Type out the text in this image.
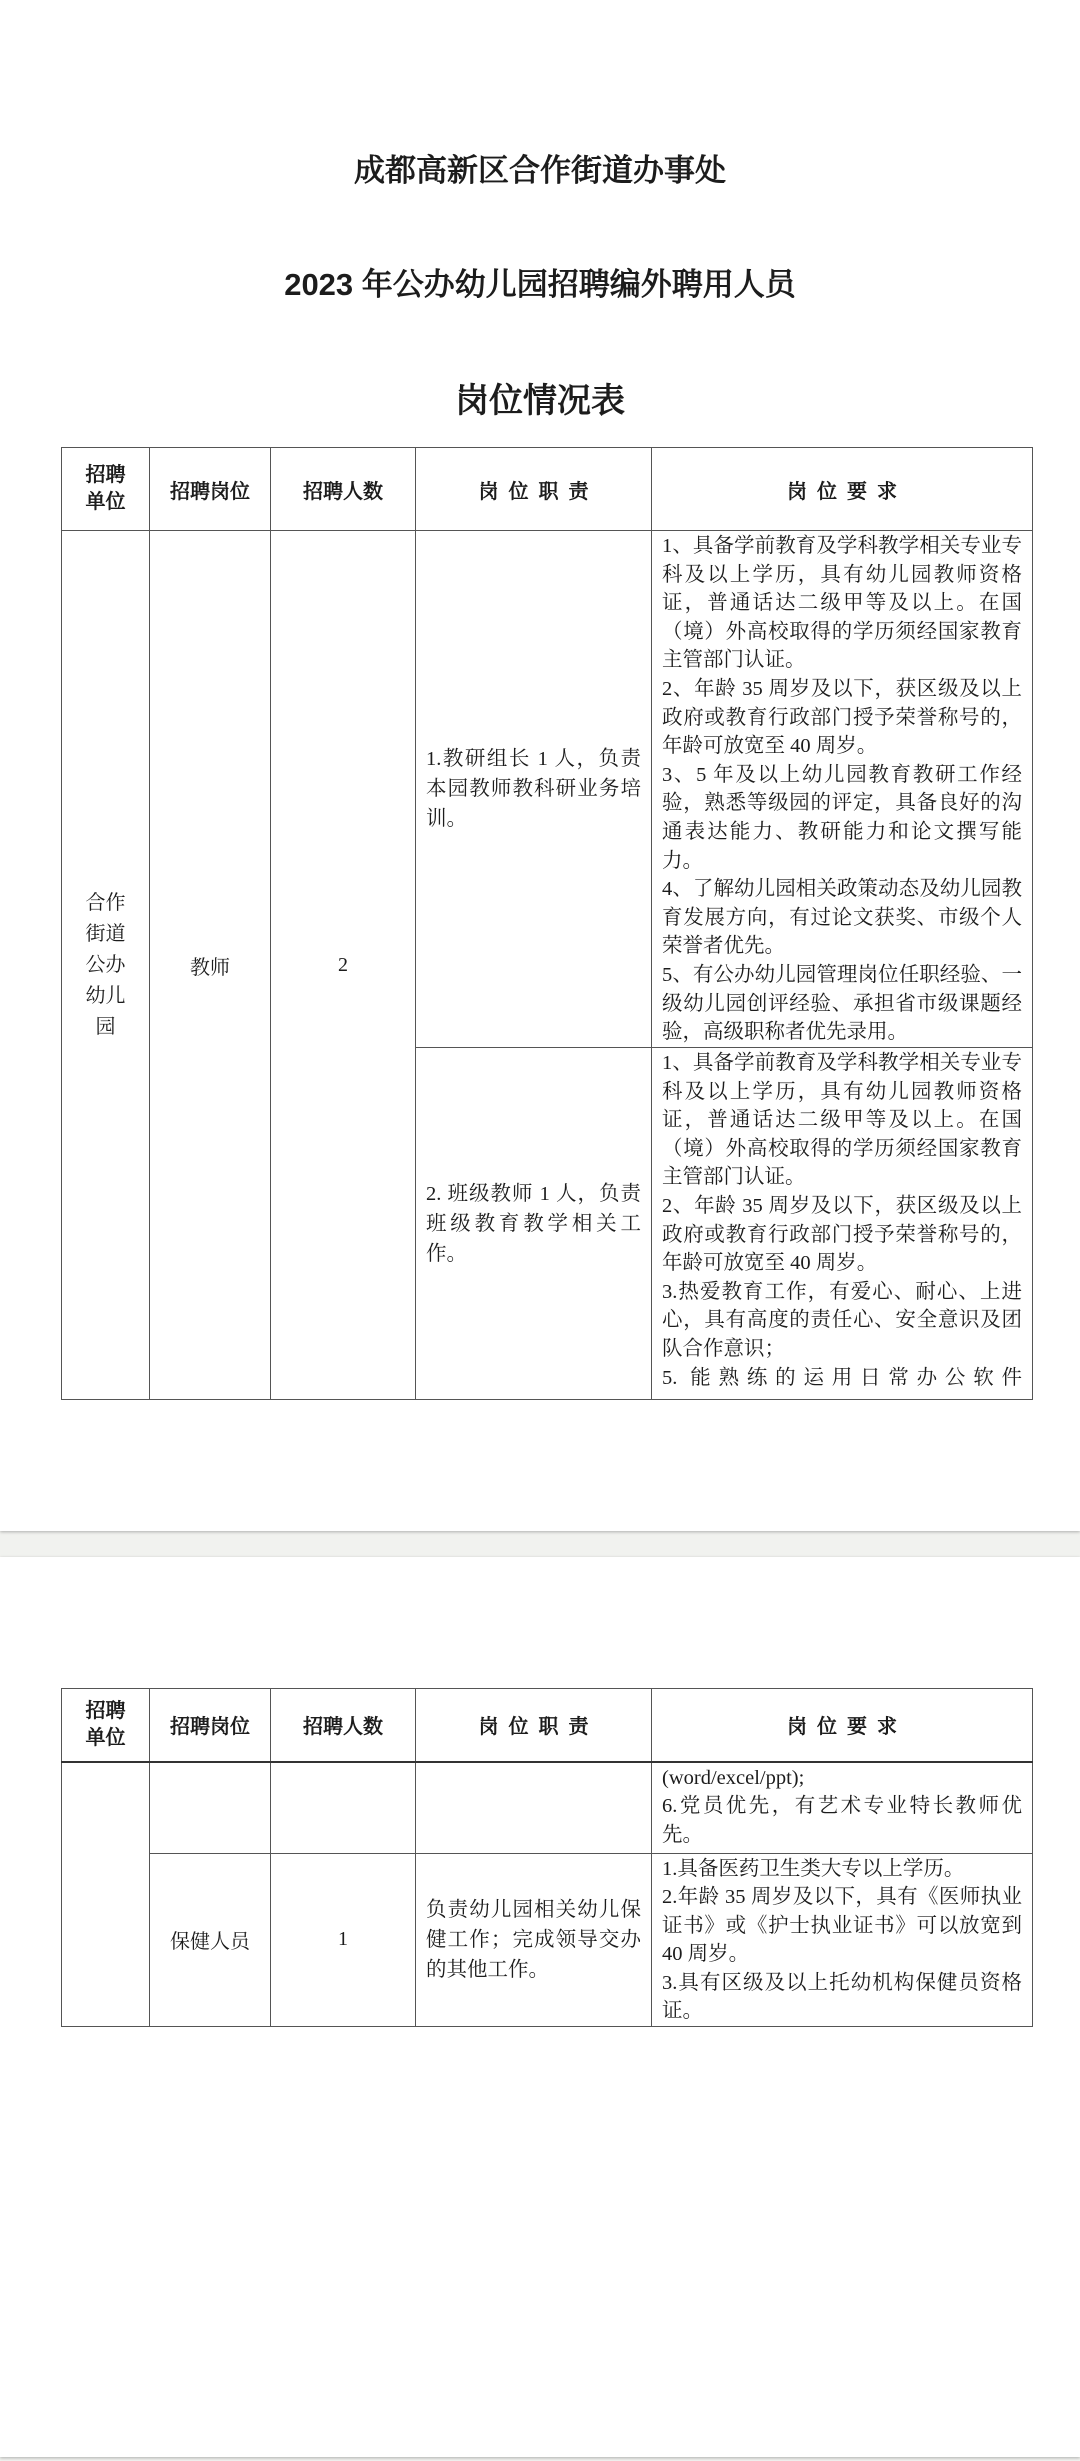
成都高新区合作街道办事处
2023 年公办幼儿园招聘编外聘用人员
岗位情况表
招聘单位	招聘岗位	招聘人数	岗位职责	岗位要求
合作街道公办幼儿园	教师	2	1.教研组长 1 人，负责本园教师教科研业务培训。	1、具备学前教育及学科教学相关专业专科及以上学历，具有幼儿园教师资格证，普通话达二级甲等及以上。在国（境）外高校取得的学历须经国家教育主管部门认证。
2、年龄 35 周岁及以下，获区级及以上政府或教育行政部门授予荣誉称号的，年龄可放宽至 40 周岁。
3、5 年及以上幼儿园教育教研工作经验，熟悉等级园的评定，具备良好的沟通表达能力、教研能力和论文撰写能力。
4、了解幼儿园相关政策动态及幼儿园教育发展方向，有过论文获奖、市级个人荣誉者优先。
5、有公办幼儿园管理岗位任职经验、一级幼儿园创评经验、承担省市级课题经验，高级职称者优先录用。

			2. 班级教师 1 人，负责班级教育教学相关工作。	1、具备学前教育及学科教学相关专业专科及以上学历，具有幼儿园教师资格证，普通话达二级甲等及以上。在国（境）外高校取得的学历须经国家教育主管部门认证。
2、年龄 35 周岁及以下，获区级及以上政府或教育行政部门授予荣誉称号的，年龄可放宽至 40 周岁。
3.热爱教育工作，有爱心、耐心、上进心，具有高度的责任心、安全意识及团队合作意识；
5. 能熟练的运用日常办公软件
招聘单位	招聘岗位	招聘人数	岗位职责	岗位要求

				(word/excel/ppt);
6.党员优先，有艺术专业特长教师优先。

	保健人员	1	负责幼儿园相关幼儿保健工作；完成领导交办的其他工作。	1.具备医药卫生类大专以上学历。
2.年龄 35 周岁及以下，具有《医师执业证书》或《护士执业证书》可以放宽到 40 周岁。
3.具有区级及以上托幼机构保健员资格证。
